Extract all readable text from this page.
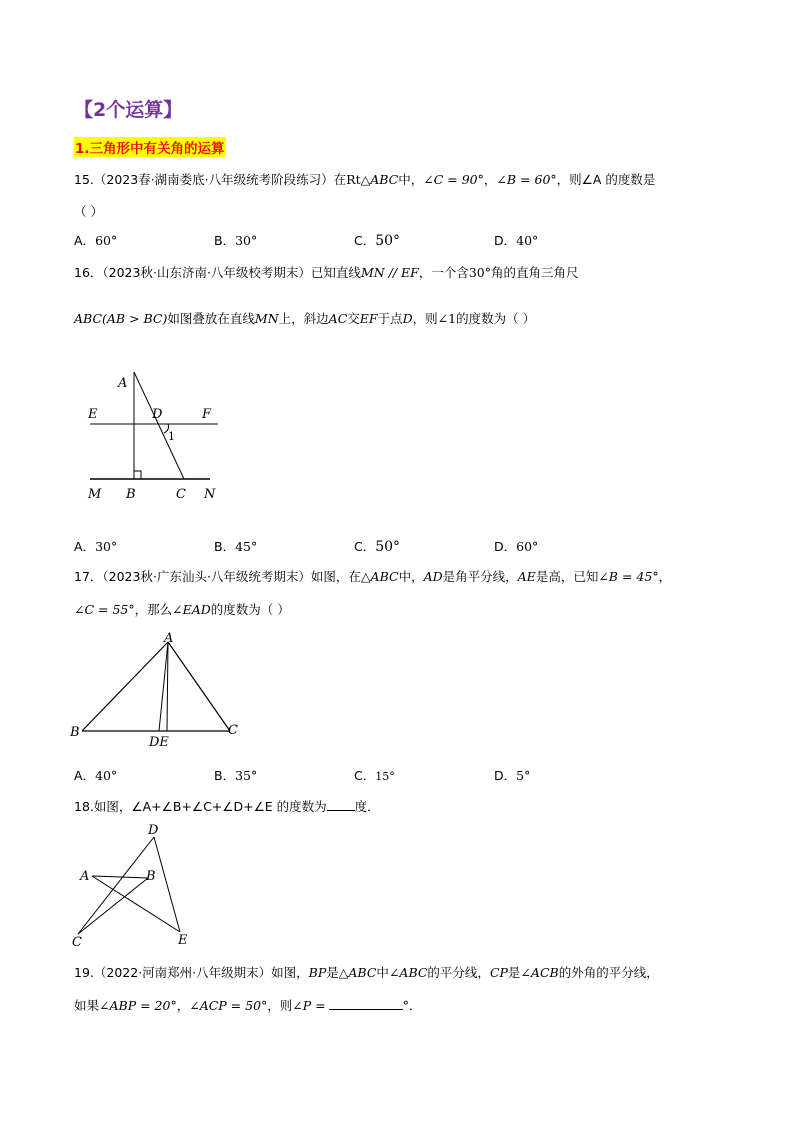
【2个运算】
1.三角形中有关角的运算
15.（2023春·湖南娄底·八年级统考阶段练习）在Rt△ABC中，∠C = 90°，∠B = 60°，则∠A 的度数是
（ ）
A．60°	B．30°	C．50°	D．40°
16．（2023秋·山东济南·八年级校考期末）已知直线MN // EF，一个含30°角的直角三角尺
ABC(AB > BC)如图叠放在直线MN上，斜边AC交EF于点D，则∠1的度数为（ ）
A
E	D	F
1
M B	C N
A．30°	B．45°	C．50°	D．60°
17．（2023秋·广东汕头·八年级统考期末）如图，在△ABC中，AD是角平分线，AE是高，已知∠B = 45°，
∠C = 55°，那么∠EAD的度数为（ ）
A
B	C
DE
A．40°	B．35°	C．15°	D．5°
18.如图，∠A+∠B+∠C+∠D+∠E 的度数为 度．
D
A	B
C	E
19.（2022·河南郑州·八年级期末）如图，BP是△ABC中∠ABC的平分线，CP是∠ACB的外角的平分线，
如果∠ABP = 20°，∠ACP = 50°，则∠P =	°．
